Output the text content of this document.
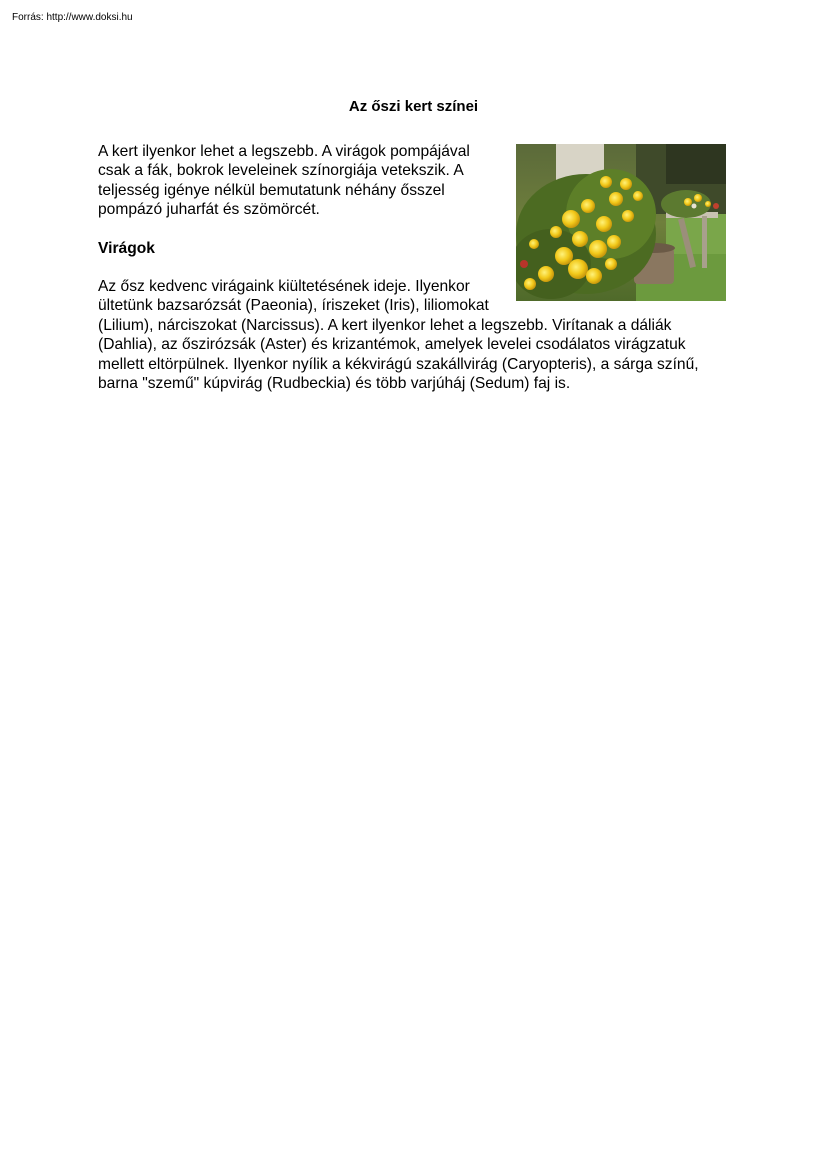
Forrás: http://www.doksi.hu
Az őszi kert színei

A kert ilyenkor lehet a legszebb. A virágok pompájával csak a fák, bokrok leveleinek színorgiája vetekszik. A teljesség igénye nélkül bemutatunk néhány ősszel pompázó juharfát és szömörcét.

Virágok

Az ősz kedvenc virágaink kiültetésének ideje. Ilyenkor ültetünk bazsarózsát (Paeonia), íriszeket (Iris), liliomokat (Lilium), nárciszokat (Narcissus). A kert ilyenkor lehet a legszebb. Virítanak a dáliák (Dahlia), az őszirózsák (Aster) és krizantémok, amelyek levelei csodálatos virágzatuk mellett eltörpülnek. Ilyenkor nyílik a kékvirágú szakállvirág (Caryopteris), a sárga színű, barna "szemű" kúpvirág (Rudbeckia) és több varjúháj (Sedum) faj is.
